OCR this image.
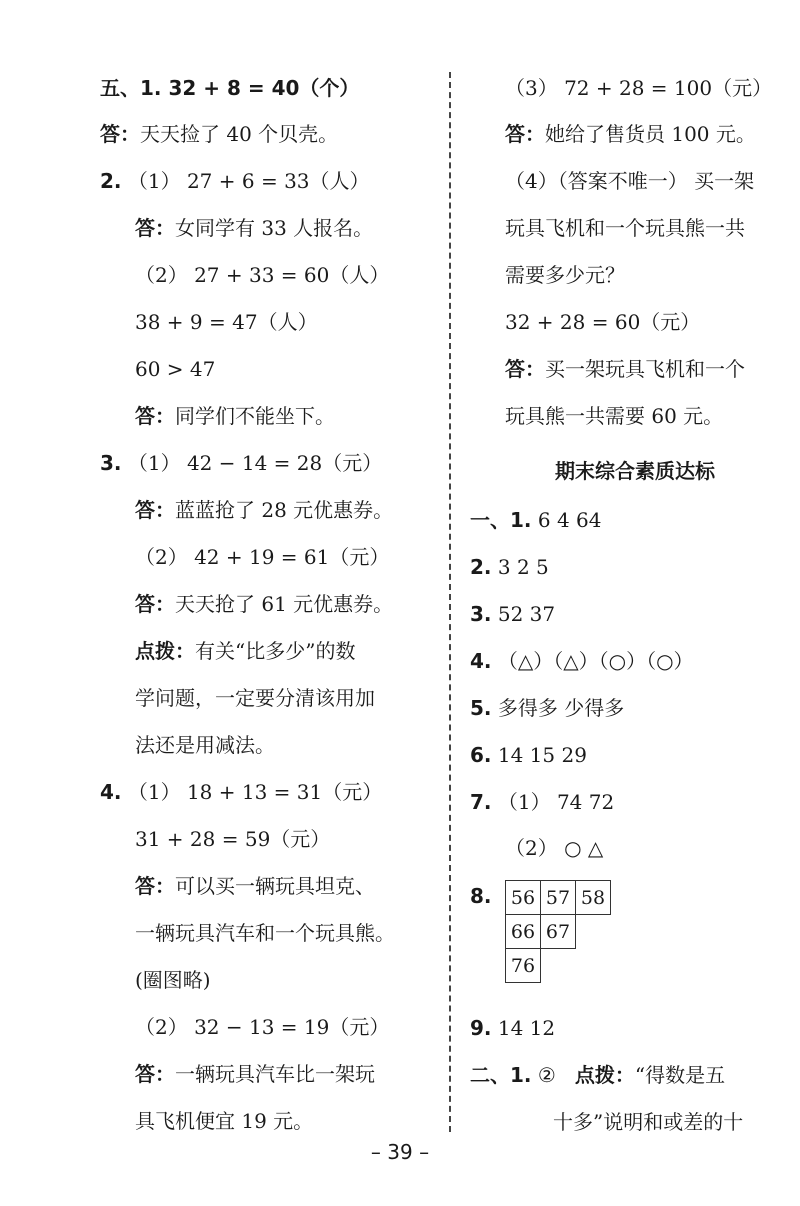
五、1. 32 + 8 = 40（个）
答：天天捡了 40 个贝壳。
2. （1） 27 + 6 = 33（人）
答：女同学有 33 人报名。
（2） 27 + 33 = 60（人）
38 + 9 = 47（人）
60 > 47
答：同学们不能坐下。
3. （1） 42 − 14 = 28（元）
答：蓝蓝抢了 28 元优惠券。
（2） 42 + 19 = 61（元）
答：天天抢了 61 元优惠券。
点拨：有关“比多少”的数
学问题，一定要分清该用加
法还是用减法。
4. （1） 18 + 13 = 31（元）
31 + 28 = 59（元）
答：可以买一辆玩具坦克、
一辆玩具汽车和一个玩具熊。
(圈图略)
（2） 32 − 13 = 19（元）
答：一辆玩具汽车比一架玩
具飞机便宜 19 元。
（3） 72 + 28 = 100（元）
答：她给了售货员 100 元。
（4）（答案不唯一） 买一架
玩具飞机和一个玩具熊一共
需要多少元？
32 + 28 = 60（元）
答：买一架玩具飞机和一个
玩具熊一共需要 60 元。
一、1. 6 4 64
2. 3 2 5
3. 52 37
4. （△）（△）（○）（○）
5. 多得多 少得多
6. 14 15 29
7. （1） 74 72
（2） ○ △
8.
9. 14 12
二、1. ② 点拨：“得数是五
十多”说明和或差的十
期末综合素质达标
56 57 58
66 67
76
– 39 –
